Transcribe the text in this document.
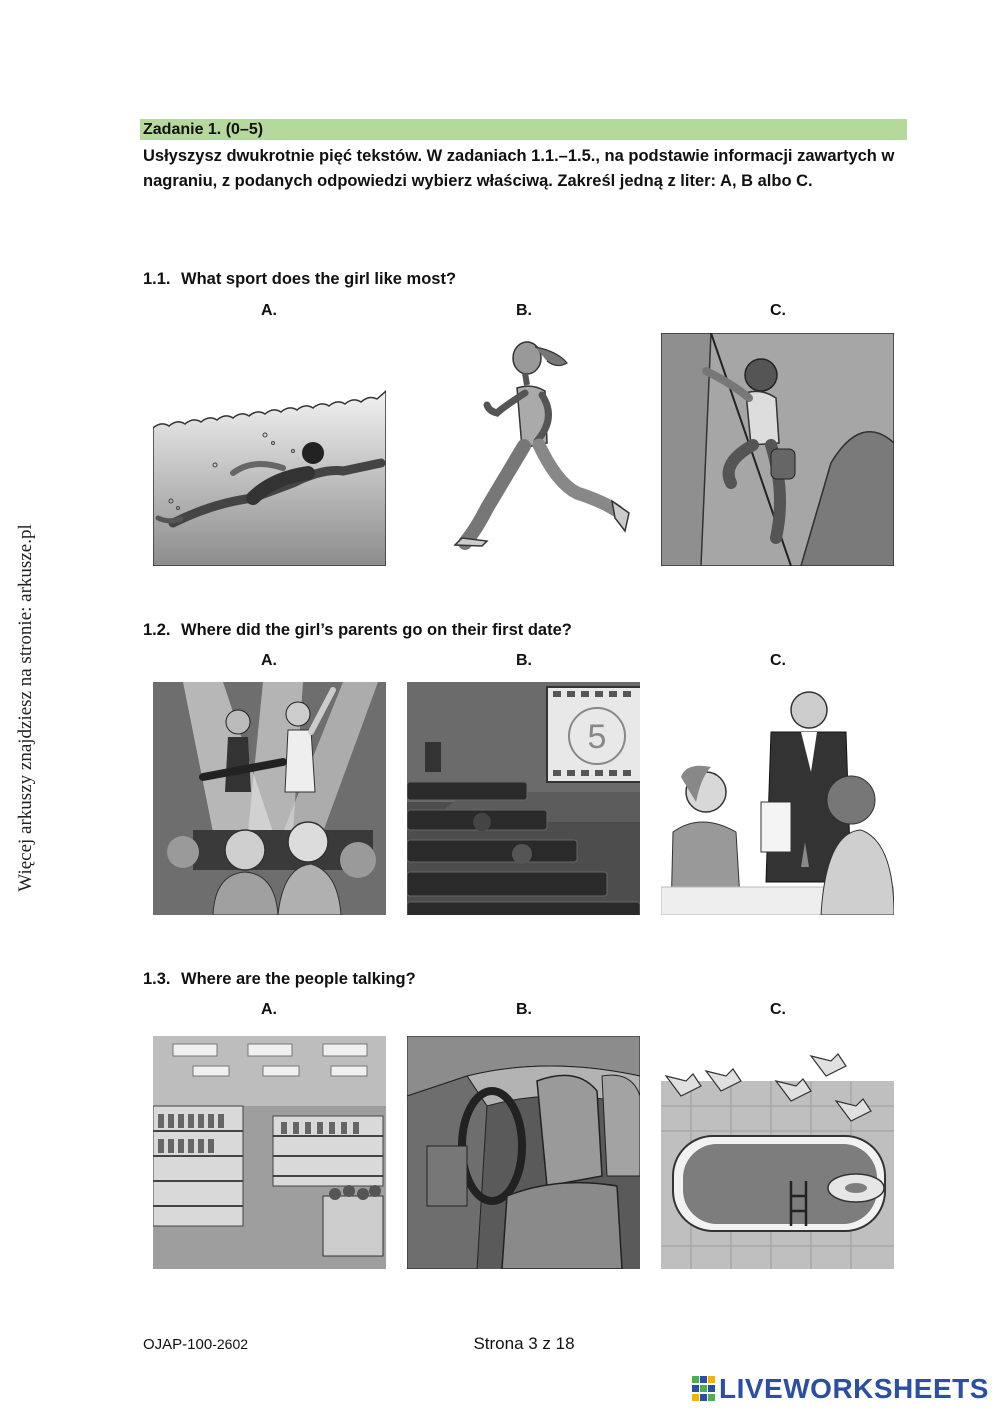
Więcej arkuszy znajdziesz na stronie: arkusze.pl
Zadanie 1. (0–5)
Usłyszysz dwukrotnie pięć tekstów. W zadaniach 1.1.–1.5., na podstawie informacji zawartych w nagraniu, z podanych odpowiedzi wybierz właściwą. Zakreśl jedną z liter: A, B albo C.
1.1. What sport does the girl like most?
A.	B.	C.
1.2. Where did the girl’s parents go on their first date?
A.	B.	C.
5
1.3. Where are the people talking?
A.	B.	C.
OJAP-100-2602	Strona 3 z 18
LIVEWORKSHEETS
